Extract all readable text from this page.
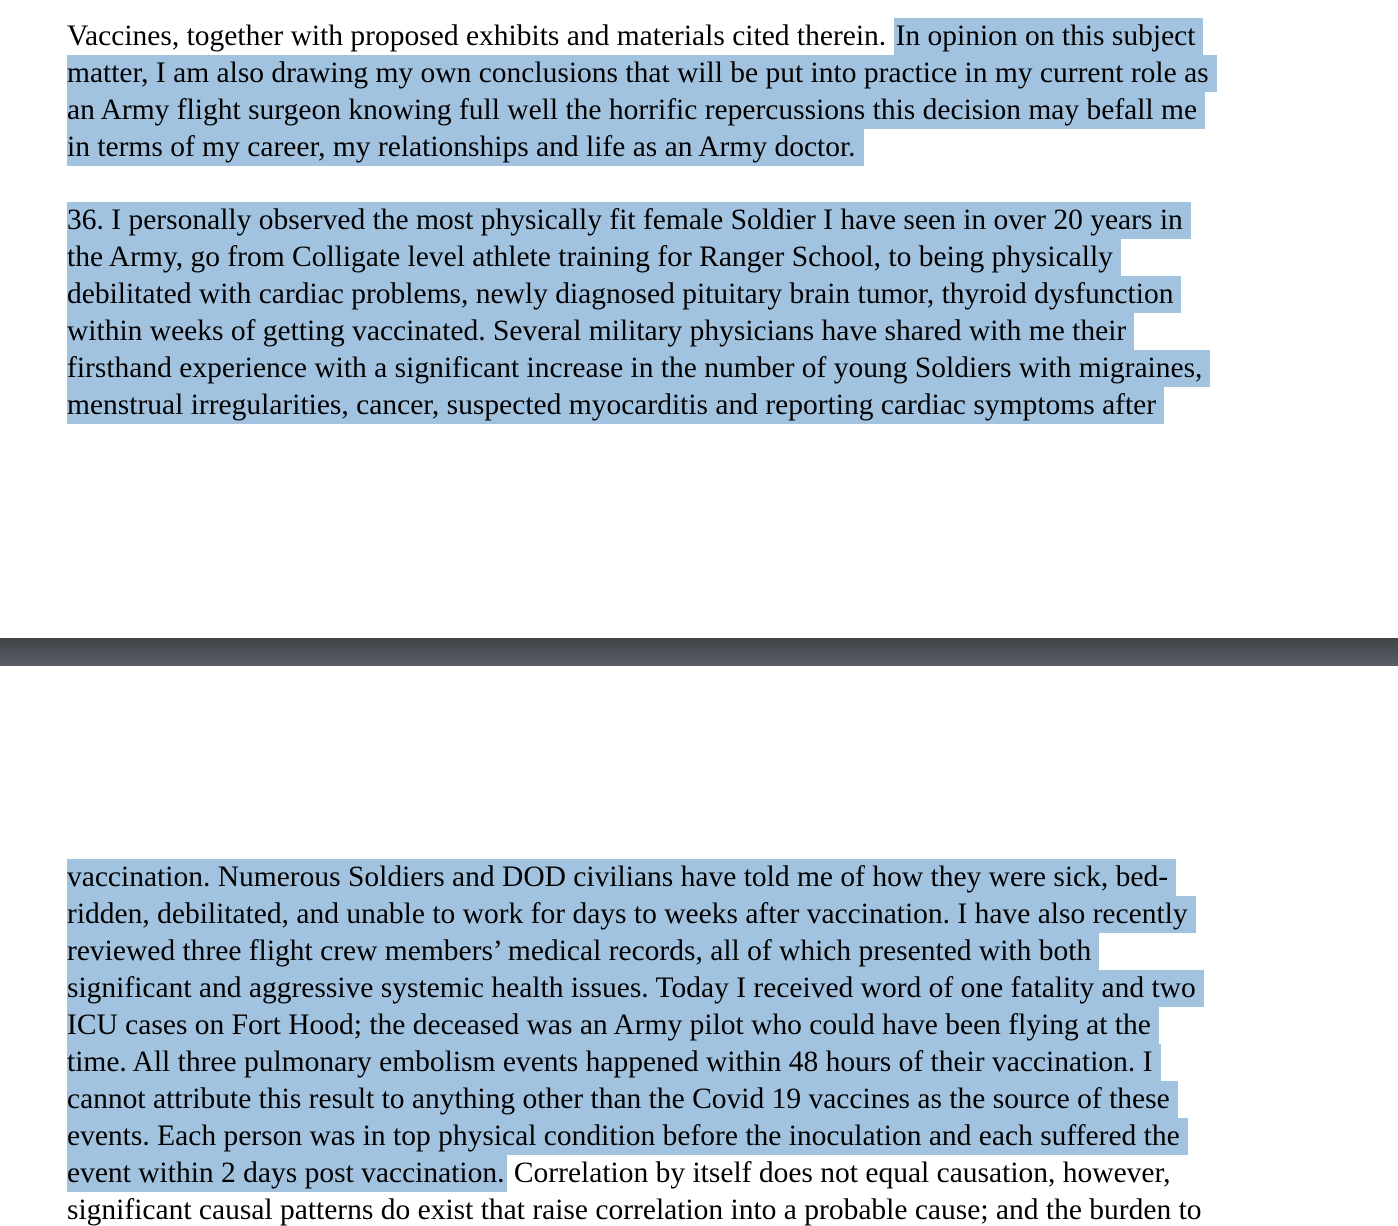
Vaccines, together with proposed exhibits and materials cited therein. In opinion on this subject
matter, I am also drawing my own conclusions that will be put into practice in my current role as
an Army flight surgeon knowing full well the horrific repercussions this decision may befall me
in terms of my career, my relationships and life as an Army doctor.
36. I personally observed the most physically fit female Soldier I have seen in over 20 years in
the Army, go from Colligate level athlete training for Ranger School, to being physically
debilitated with cardiac problems, newly diagnosed pituitary brain tumor, thyroid dysfunction
within weeks of getting vaccinated. Several military physicians have shared with me their
firsthand experience with a significant increase in the number of young Soldiers with migraines,
menstrual irregularities, cancer, suspected myocarditis and reporting cardiac symptoms after
vaccination. Numerous Soldiers and DOD civilians have told me of how they were sick, bed-
ridden, debilitated, and unable to work for days to weeks after vaccination. I have also recently
reviewed three flight crew members’ medical records, all of which presented with both
significant and aggressive systemic health issues. Today I received word of one fatality and two
ICU cases on Fort Hood; the deceased was an Army pilot who could have been flying at the
time. All three pulmonary embolism events happened within 48 hours of their vaccination. I
cannot attribute this result to anything other than the Covid 19 vaccines as the source of these
events. Each person was in top physical condition before the inoculation and each suffered the
event within 2 days post vaccination. Correlation by itself does not equal causation, however,
significant causal patterns do exist that raise correlation into a probable cause; and the burden to
